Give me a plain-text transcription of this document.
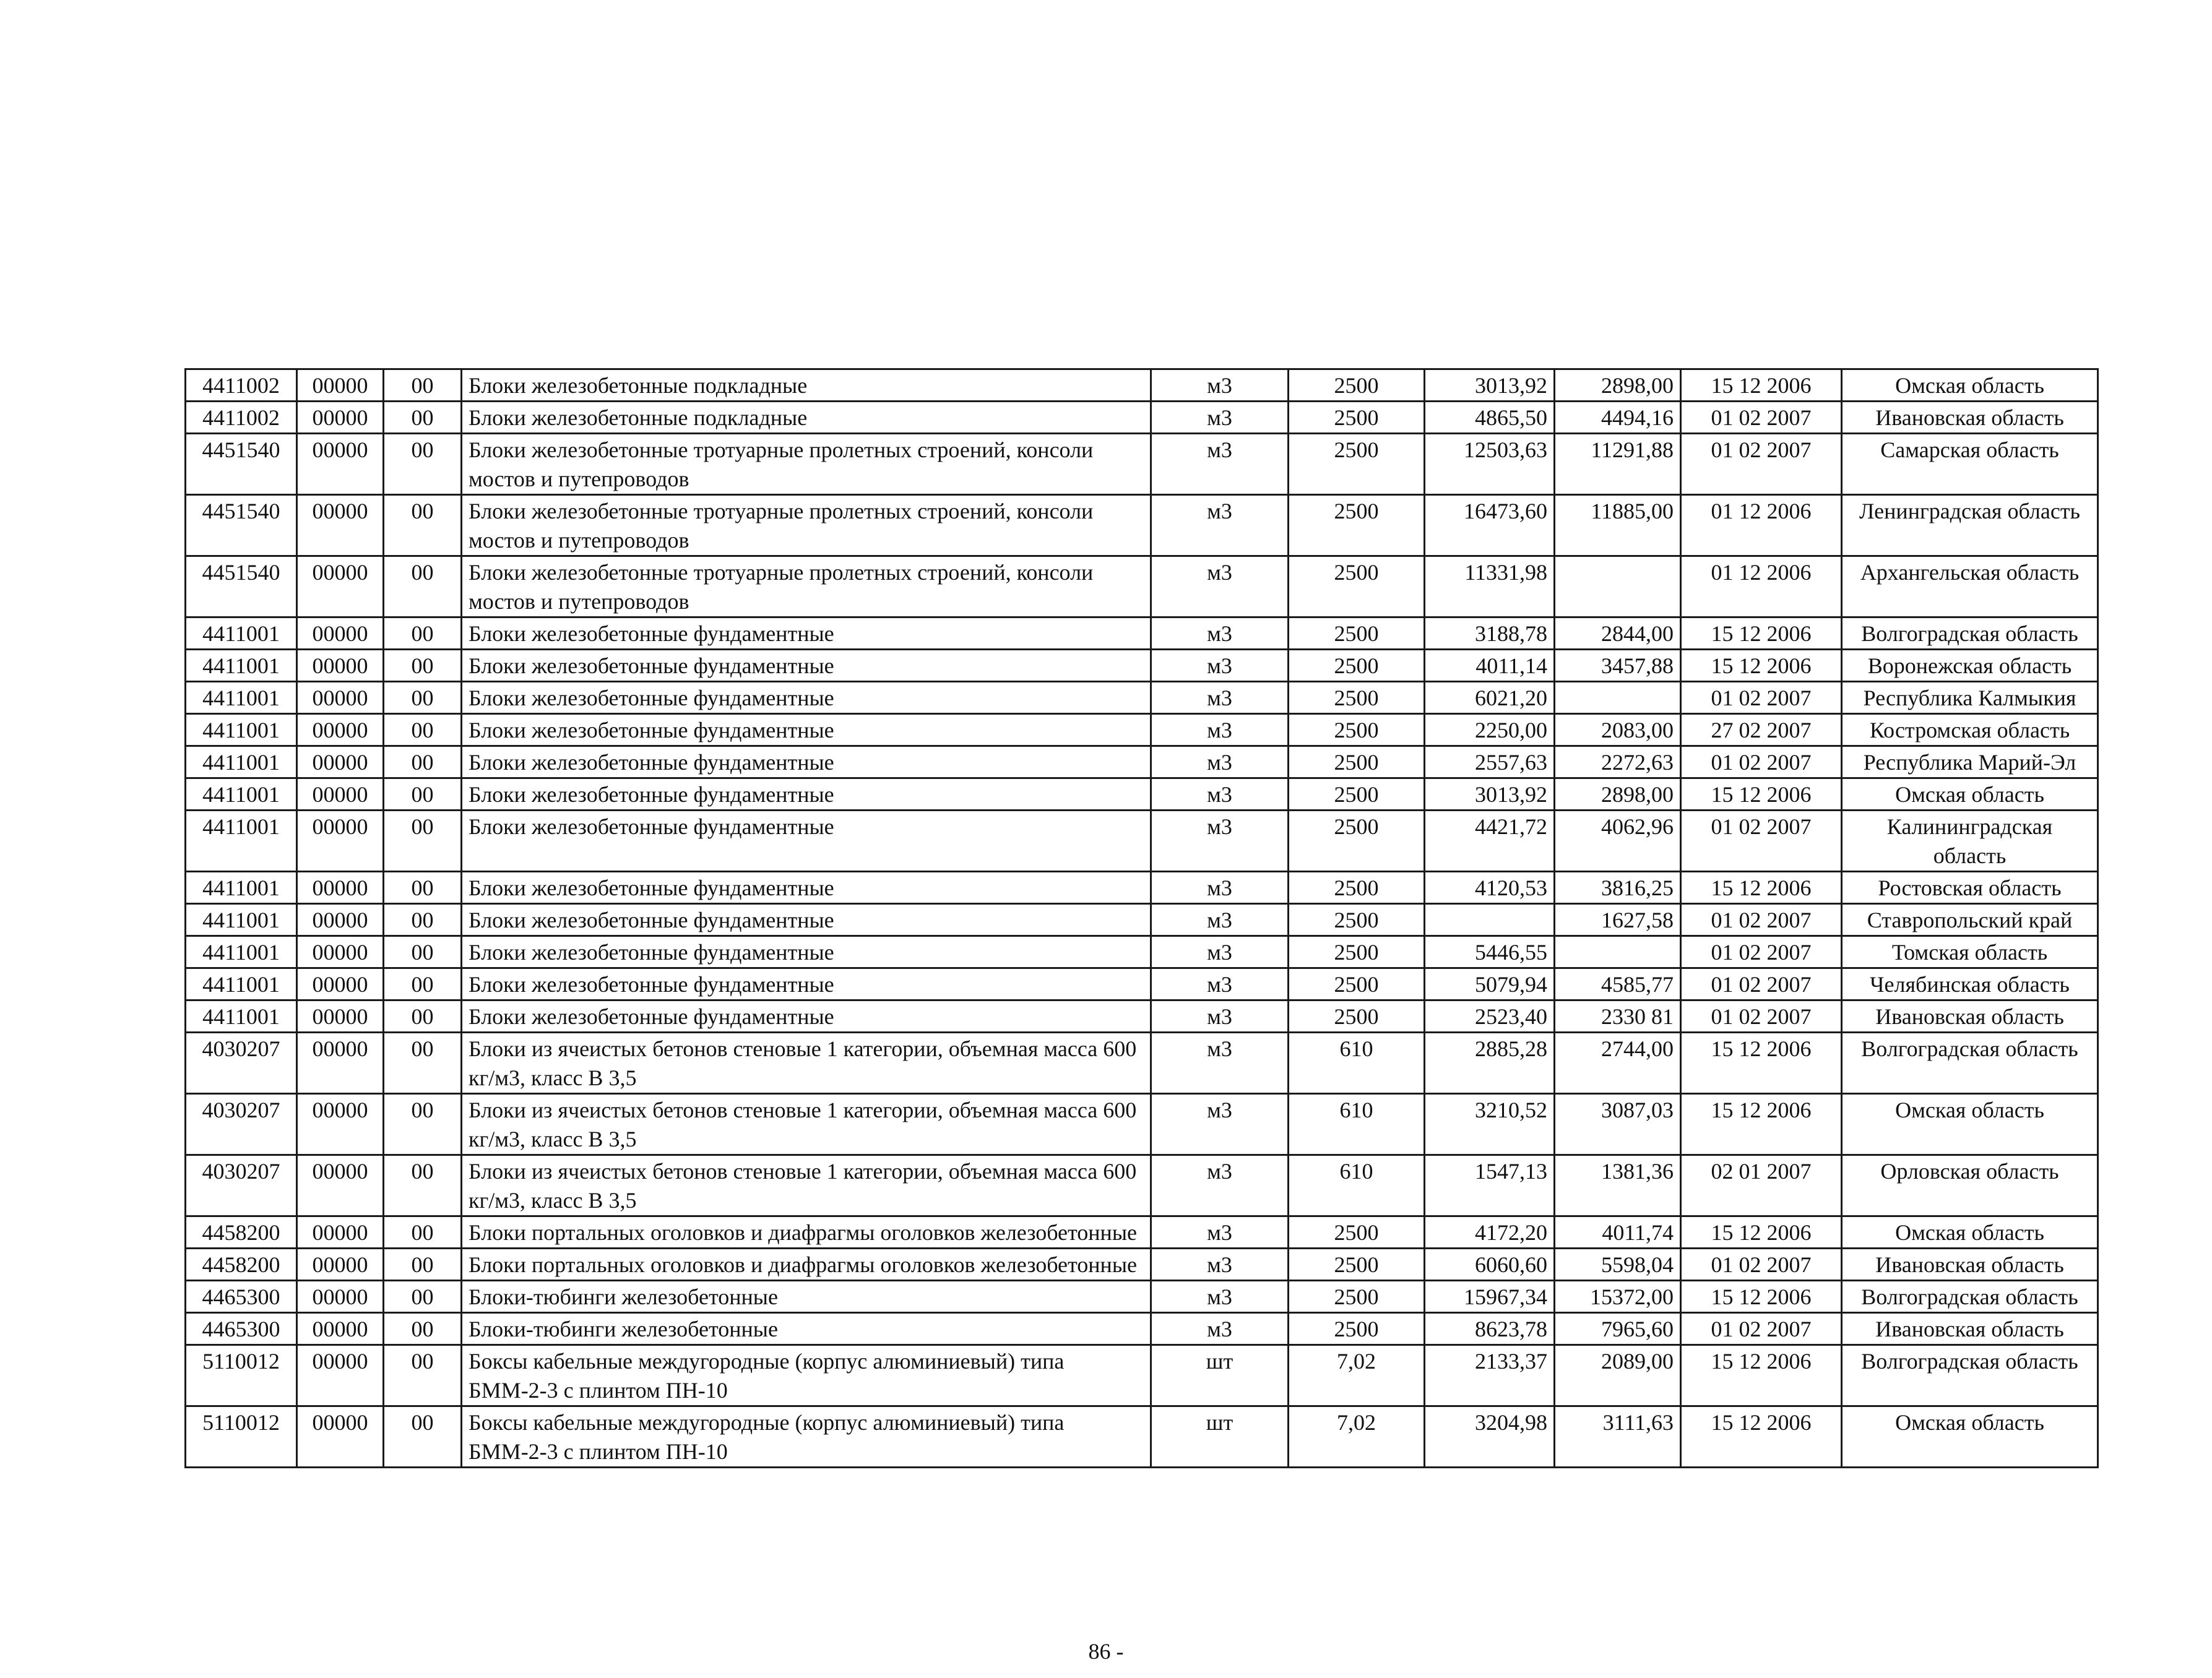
4411002	00000	00	Блоки железобетонные подкладные	м3	2500	3013,92	2898,00	15 12 2006	Омская область
4411002	00000	00	Блоки железобетонные подкладные	м3	2500	4865,50	4494,16	01 02 2007	Ивановская область
4451540	00000	00	Блоки железобетонные тротуарные пролетных строений, консоли мостов и путепроводов	м3	2500	12503,63	11291,88	01 02 2007	Самарская область
4451540	00000	00	Блоки железобетонные тротуарные пролетных строений, консоли мостов и путепроводов	м3	2500	16473,60	11885,00	01 12 2006	Ленинградская область
4451540	00000	00	Блоки железобетонные тротуарные пролетных строений, консоли мостов и путепроводов	м3	2500	11331,98		01 12 2006	Архангельская область
4411001	00000	00	Блоки железобетонные фундаментные	м3	2500	3188,78	2844,00	15 12 2006	Волгоградская область
4411001	00000	00	Блоки железобетонные фундаментные	м3	2500	4011,14	3457,88	15 12 2006	Воронежская область
4411001	00000	00	Блоки железобетонные фундаментные	м3	2500	6021,20		01 02 2007	Республика Калмыкия
4411001	00000	00	Блоки железобетонные фундаментные	м3	2500	2250,00	2083,00	27 02 2007	Костромская область
4411001	00000	00	Блоки железобетонные фундаментные	м3	2500	2557,63	2272,63	01 02 2007	Республика Марий-Эл
4411001	00000	00	Блоки железобетонные фундаментные	м3	2500	3013,92	2898,00	15 12 2006	Омская область
4411001	00000	00	Блоки железобетонные фундаментные	м3	2500	4421,72	4062,96	01 02 2007	Калининградская область
4411001	00000	00	Блоки железобетонные фундаментные	м3	2500	4120,53	3816,25	15 12 2006	Ростовская область
4411001	00000	00	Блоки железобетонные фундаментные	м3	2500		1627,58	01 02 2007	Ставропольский край
4411001	00000	00	Блоки железобетонные фундаментные	м3	2500	5446,55		01 02 2007	Томская область
4411001	00000	00	Блоки железобетонные фундаментные	м3	2500	5079,94	4585,77	01 02 2007	Челябинская область
4411001	00000	00	Блоки железобетонные фундаментные	м3	2500	2523,40	2330 81	01 02 2007	Ивановская область
4030207	00000	00	Блоки из ячеистых бетонов стеновые 1 категории, объемная масса 600 кг/м3, класс В 3,5	м3	610	2885,28	2744,00	15 12 2006	Волгоградская область
4030207	00000	00	Блоки из ячеистых бетонов стеновые 1 категории, объемная масса 600 кг/м3, класс В 3,5	м3	610	3210,52	3087,03	15 12 2006	Омская область
4030207	00000	00	Блоки из ячеистых бетонов стеновые 1 категории, объемная масса 600 кг/м3, класс В 3,5	м3	610	1547,13	1381,36	02 01 2007	Орловская область
4458200	00000	00	Блоки портальных оголовков и диафрагмы оголовков железобетонные	м3	2500	4172,20	4011,74	15 12 2006	Омская область
4458200	00000	00	Блоки портальных оголовков и диафрагмы оголовков железобетонные	м3	2500	6060,60	5598,04	01 02 2007	Ивановская область
4465300	00000	00	Блоки-тюбинги железобетонные	м3	2500	15967,34	15372,00	15 12 2006	Волгоградская область
4465300	00000	00	Блоки-тюбинги железобетонные	м3	2500	8623,78	7965,60	01 02 2007	Ивановская область
5110012	00000	00	Боксы кабельные междугородные (корпус алюминиевый) типа БММ-2-3 с плинтом ПН-10	шт	7,02	2133,37	2089,00	15 12 2006	Волгоградская область
5110012	00000	00	Боксы кабельные междугородные (корпус алюминиевый) типа БММ-2-3 с плинтом ПН-10	шт	7,02	3204,98	3111,63	15 12 2006	Омская область
86 -
